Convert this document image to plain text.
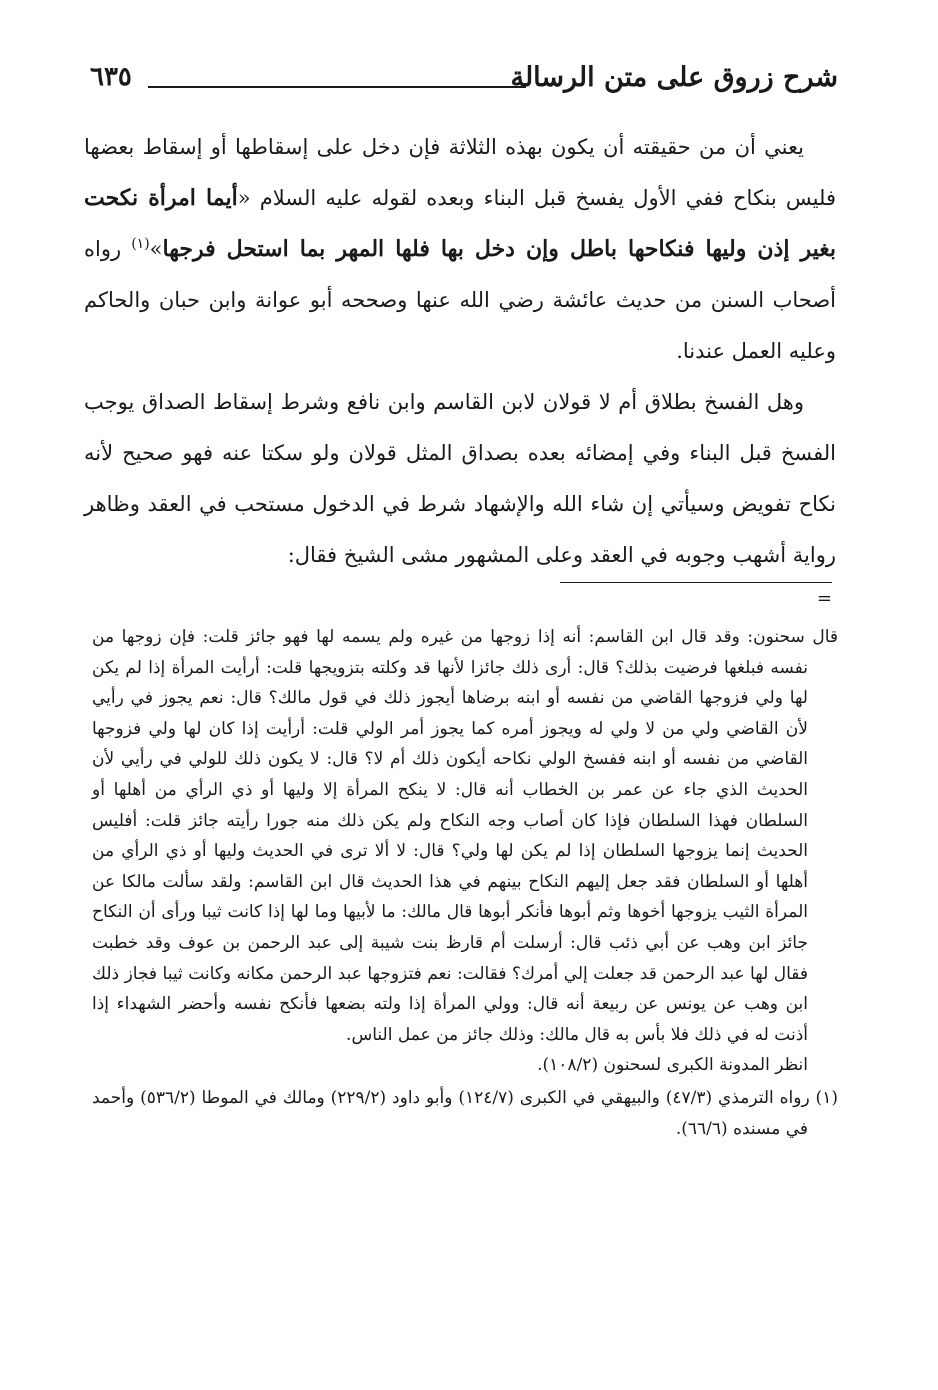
شرح زروق على متن الرسالة
٦٣٥

يعني أن من حقيقته أن يكون بهذه الثلاثة فإن دخل على إسقاطها أو إسقاط بعضها فليس بنكاح ففي الأول يفسخ قبل البناء وبعده لقوله عليه السلام «أيما امرأة نكحت بغير إذن وليها فنكاحها باطل وإن دخل بها فلها المهر بما استحل فرجها»$^{(١)}$ رواه أصحاب السنن من حديث عائشة رضي الله عنها وصححه أبو عوانة وابن حبان والحاكم وعليه العمل عندنا.

وهل الفسخ بطلاق أم لا قولان لابن القاسم وابن نافع وشرط إسقاط الصداق يوجب الفسخ قبل البناء وفي إمضائه بعده بصداق المثل قولان ولو سكتا عنه فهو صحيح لأنه نكاح تفويض وسيأتي إن شاء الله والإشهاد شرط في الدخول مستحب في العقد وظاهر رواية أشهب وجوبه في العقد وعلى المشهور مشى الشيخ فقال:

=

قال سحنون: وقد قال ابن القاسم: أنه إذا زوجها من غيره ولم يسمه لها فهو جائز قلت: فإن زوجها من نفسه فبلغها فرضيت بذلك؟ قال: أرى ذلك جائزا لأنها قد وكلته بتزويجها قلت: أرأيت المرأة إذا لم يكن لها ولي فزوجها القاضي من نفسه أو ابنه برضاها أيجوز ذلك في قول مالك؟ قال: نعم يجوز في رأيي لأن القاضي ولي من لا ولي له ويجوز أمره كما يجوز أمر الولي قلت: أرأيت إذا كان لها ولي فزوجها القاضي من نفسه أو ابنه ففسخ الولي نكاحه أيكون ذلك أم لا؟ قال: لا يكون ذلك للولي في رأيي لأن الحديث الذي جاء عن عمر بن الخطاب أنه قال: لا ينكح المرأة إلا وليها أو ذي الرأي من أهلها أو السلطان فهذا السلطان فإذا كان أصاب وجه النكاح ولم يكن ذلك منه جورا رأيته جائز قلت: أفليس الحديث إنما يزوجها السلطان إذا لم يكن لها ولي؟ قال: لا ألا ترى في الحديث وليها أو ذي الرأي من أهلها أو السلطان فقد جعل إليهم النكاح بينهم في هذا الحديث قال ابن القاسم: ولقد سألت مالكا عن المرأة الثيب يزوجها أخوها وثم أبوها فأنكر أبوها قال مالك: ما لأبيها وما لها إذا كانت ثيبا ورأى أن النكاح جائز ابن وهب عن أبي ذئب قال: أرسلت أم قارظ بنت شيبة إلى عبد الرحمن بن عوف وقد خطبت فقال لها عبد الرحمن قد جعلت إلي أمرك؟ فقالت: نعم فتزوجها عبد الرحمن مكانه وكانت ثيبا فجاز ذلك ابن وهب عن يونس عن ربيعة أنه قال: وولي المرأة إذا ولته بضعها فأنكح نفسه وأحضر الشهداء إذا أذنت له في ذلك فلا بأس به قال مالك: وذلك جائز من عمل الناس.

انظر المدونة الكبرى لسحنون (١٠٨/٢).

(١) رواه الترمذي (٤٧/٣) والبيهقي في الكبرى (١٢٤/٧) وأبو داود (٢٢٩/٢) ومالك في الموطا (٥٣٦/٢) وأحمد في مسنده (٦٦/٦).
